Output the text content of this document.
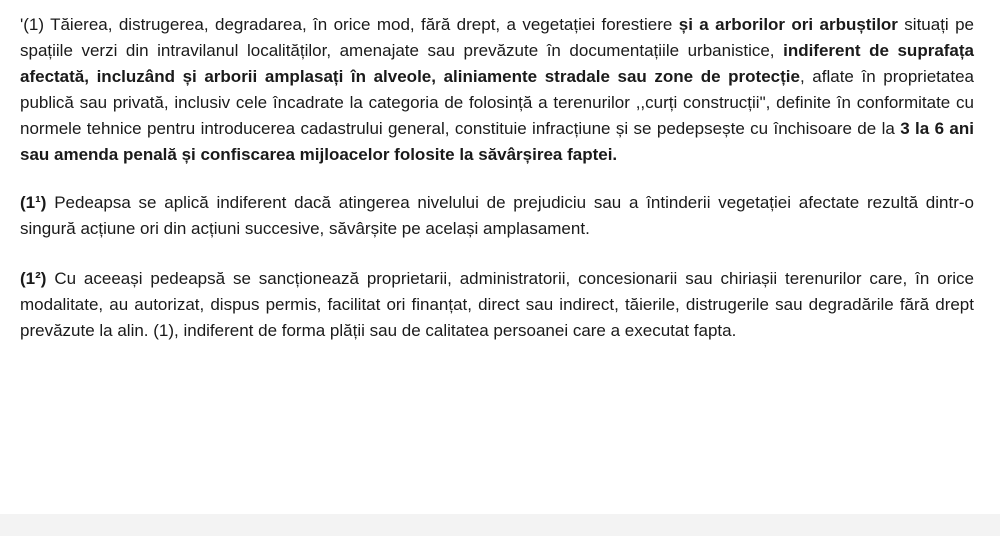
'(1) Tăierea, distrugerea, degradarea, în orice mod, fără drept, a vegetației forestiere și a arborilor ori arbuștilor situați pe spațiile verzi din intravilanul localităților, amenajate sau prevăzute în documentațiile urbanistice, indiferent de suprafața afectată, incluzând și arborii amplasați în alveole, aliniamente stradale sau zone de protecție, aflate în proprietatea publică sau privată, inclusiv cele încadrate la categoria de folosință a terenurilor ,,curți construcții", definite în conformitate cu normele tehnice pentru introducerea cadastrului general, constituie infracțiune și se pedepsește cu închisoare de la 3 la 6 ani sau amenda penală și confiscarea mijloacelor folosite la săvârșirea faptei.

(1¹) Pedeapsa se aplică indiferent dacă atingerea nivelului de prejudiciu sau a întinderii vegetației afectate rezultă dintr-o singură acțiune ori din acțiuni succesive, săvârșite pe același amplasament.

(1²) Cu aceeași pedeapsă se sancționează proprietarii, administratorii, concesionarii sau chiriașii terenurilor care, în orice modalitate, au autorizat, dispus permis, facilitat ori finanțat, direct sau indirect, tăierile, distrugerile sau degradările fără drept prevăzute la alin. (1), indiferent de forma plății sau de calitatea persoanei care a executat fapta.
